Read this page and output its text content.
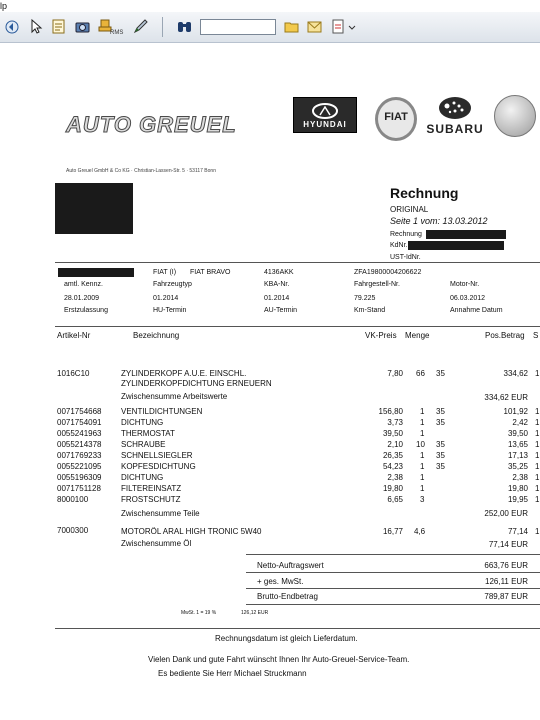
lp
RMS
AUTO GREUEL	HYUNDAI
FIAT
SUBARU
Auto Greuel GmbH & Co KG · Christian-Lassen-Str. 5 · 53117 Bonn
Rechnung
ORIGINAL
Seite 1 vom: 13.03.2012
Rechnung
KdNr.
UST-IdNr.
FIAT (I) FIAT BRAVO	4136AKK	ZFA19800004206622
amtl. Kennz.	Fahrzeugtyp	KBA-Nr.	Fahrgestell-Nr.	Motor-Nr.
28.01.2009	01.2014	01.2014	79.225	06.03.2012
Erstzulassung	HU-Termin	AU-Termin	Km-Stand	Annahme Datum
Artikel-Nr	Bezeichnung	VK-Preis Menge	Pos.Betrag S
1016C10	ZYLINDERKOPF A.U.E. EINSCHL.	7,80 66 35	334,62 1
ZYLINDERKOPFDICHTUNG ERNEUERN
Zwischensumme Arbeitswerte	334,62 EUR
0071754668 VENTILDICHTUNGEN	156,80 1 35	101,92 1
0071754091 DICHTUNG	3,73 1 35	2,42 1
0055241963 THERMOSTAT	39,50 1	39,50 1
0055214378 SCHRAUBE	2,10 10 35	13,65 1
0071769233 SCHNELLSIEGLER	26,35 1 35	17,13 1
0055221095 KOPFESDICHTUNG	54,23 1 35	35,25 1
0055196309 DICHTUNG	2,38 1	2,38 1
0071751128	FILTEREINSATZ	19,80 1	19,80 1
8000100	FROSTSCHUTZ	6,65 3	19,95 1
Zwischensumme Teile	252,00 EUR
7000300	MOTORÖL ARAL HIGH TRONIC 5W40	16,77 4,6	77,14 1
Zwischensumme Öl	77,14 EUR
Netto-Auftragswert	663,76 EUR
+ ges. MwSt.	126,11 EUR
Brutto-Endbetrag	789,87 EUR
MwSt. 1 = 19 %	126,12 EUR
Rechnungsdatum ist gleich Lieferdatum.
Vielen Dank und gute Fahrt wünscht Ihnen Ihr Auto-Greuel-Service-Team.
Es bediente Sie Herr Michael Struckmann
